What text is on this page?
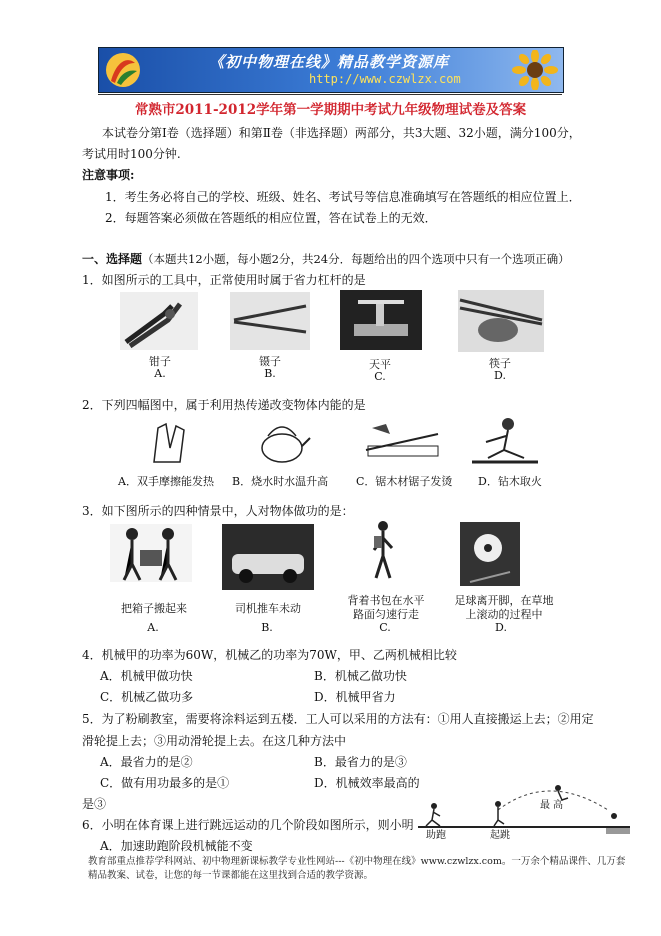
《初中物理在线》精品教学资源库
http://www.czwlzx.com
常熟市2011-2012学年第一学期期中考试九年级物理试卷及答案
本试卷分第Ⅰ卷（选择题）和第Ⅱ卷（非选择题）两部分，共3大题、32小题，满分100分，
考试用时100分钟.
注意事项:
1．考生务必将自己的学校、班级、姓名、考试号等信息准确填写在答题纸的相应位置上．
2．每题答案必须做在答题纸的相应位置，答在试卷上的无效．
一、选择题（本题共12小题，每小题2分，共24分．每题给出的四个选项中只有一个选项正确）
1．如图所示的工具中，正常使用时属于省力杠杆的是
钳子
A.
镊子
B.
天平
C.
筷子
D.
2．下列四幅图中，属于利用热传递改变物体内能的是
A．双手摩擦能发热 B．烧水时水温升高	C．锯木材锯子发烫 D．钻木取火
3．如下图所示的四种情景中，人对物体做功的是：
把箱子搬起来	司机推车未动
背着书包在水平
路面匀速行走
足球离开脚，在草地
上滚动的过程中
A.	B.	C.	D.
4．机械甲的功率为60W，机械乙的功率为70W，甲、乙两机械相比较
A．机械甲做功快	B．机械乙做功快
C．机械乙做功多	D．机械甲省力
5．为了粉刷教室，需要将涂料运到五楼．工人可以采用的方法有：①用人直接搬运上去；②用定
滑轮提上去；③用动滑轮提上去。在这几种方法中
A．最省力的是②	B．最省力的是③
C．做有用功最多的是①	D．机械效率最高的
是③
6．小明在体育课上进行跳远运动的几个阶段如图所示，则小明
A．加速助跑阶段机械能不变
助跑	起跳
最 高
教育部重点推荐学科网站、初中物理新课标教学专业性网站---《初中物理在线》www.czwlzx.com。一万余个精品课件、几万套精品教案、试卷，让您的每一节课都能在这里找到合适的教学资源。
